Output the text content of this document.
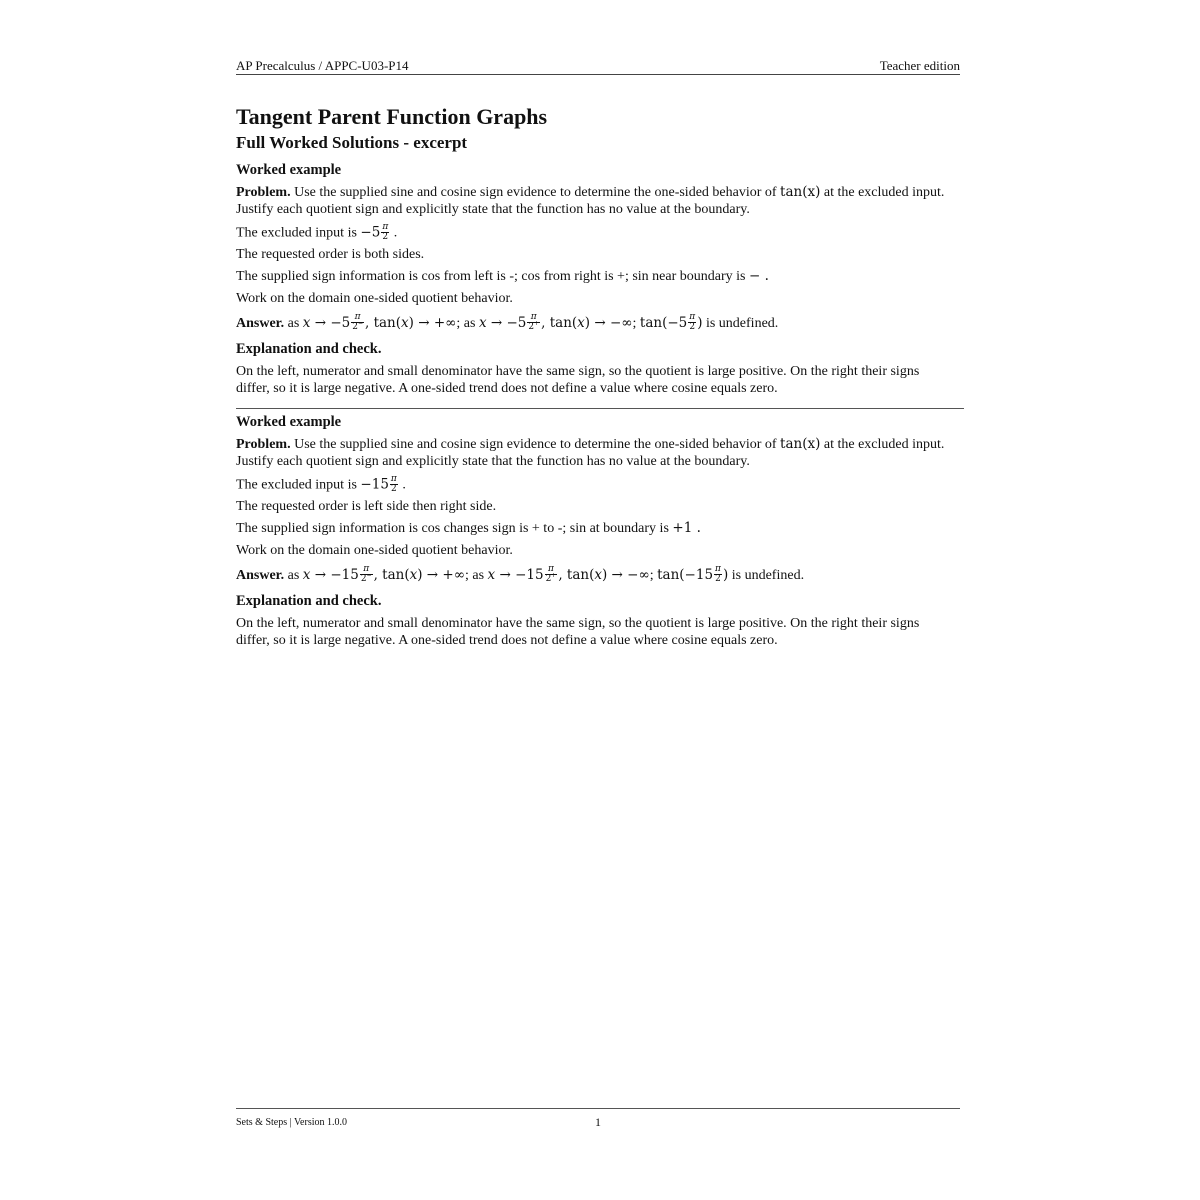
AP Precalculus / APPC-U03-P14	Teacher edition
Tangent Parent Function Graphs
Full Worked Solutions - excerpt

Worked example

Problem. Use the supplied sine and cosine sign evidence to determine the one-sided behavior of tan(x) at the excluded input. Justify each quotient sign and explicitly state that the function has no value at the boundary.

The excluded input is $-5 \frac{\pi}{2}$ .

The requested order is both sides.

The supplied sign information is cos from left is -; cos from right is +; sin near boundary is − .

Work on the domain one-sided quotient behavior.

Answer. as $x \to -5 \frac{\pi}{2^-}$ , tan(x) → +∞; as $x \to -5 \frac{\pi}{2^+}$ , tan(x) → −∞; $\tan(-5 \frac{\pi}{2}$ ) is undefined.

Explanation and check.

On the left, numerator and small denominator have the same sign, so the quotient is large positive. On the right their signs differ, so it is large negative. A one-sided trend does not define a value where cosine equals zero.

Worked example

Problem. Use the supplied sine and cosine sign evidence to determine the one-sided behavior of tan(x) at the excluded input. Justify each quotient sign and explicitly state that the function has no value at the boundary.

The excluded input is $-15 \frac{\pi}{2}$ .

The requested order is left side then right side.

The supplied sign information is cos changes sign is + to -; sin at boundary is +1 .

Work on the domain one-sided quotient behavior.

Answer. as $x \to -15 \frac{\pi}{2^-}$ , tan(x) → +∞; as $x \to -15 \frac{\pi}{2^+}$ , tan(x) → −∞; $\tan(-15 \frac{\pi}{2}$ ) is undefined.

Explanation and check.

On the left, numerator and small denominator have the same sign, so the quotient is large positive. On the right their signs differ, so it is large negative. A one-sided trend does not define a value where cosine equals zero.

Sets & Steps | Version 1.0.0	1
